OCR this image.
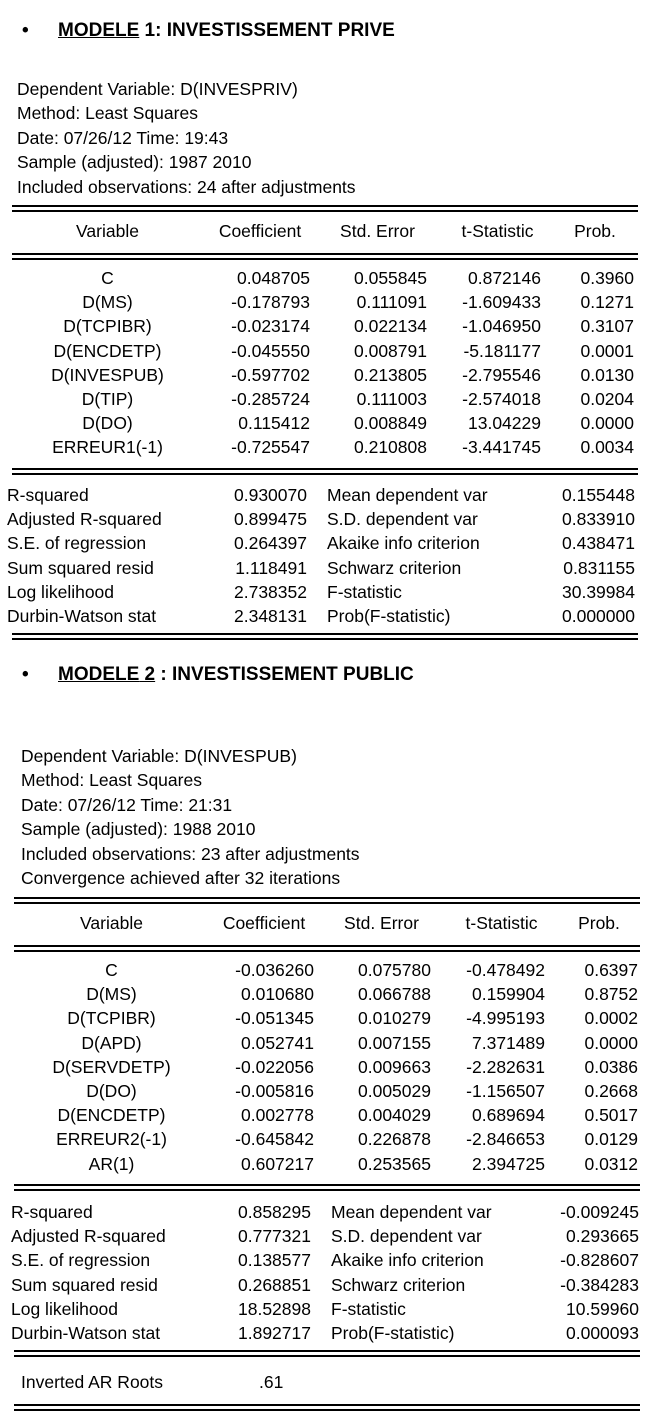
• MODELE 1: INVESTISSEMENT PRIVE
Dependent Variable: D(INVESPRIV)
Method: Least Squares
Date: 07/26/12 Time: 19:43
Sample (adjusted): 1987 2010
Included observations: 24 after adjustments
Variable	Coefficient	Std. Error	t-Statistic	Prob.
C	0.048705	0.055845	0.872146	0.3960
D(MS)	-0.178793	0.111091	-1.609433	0.1271
D(TCPIBR)	-0.023174	0.022134	-1.046950	0.3107
D(ENCDETP)	-0.045550	0.008791	-5.181177	0.0001
D(INVESPUB)	-0.597702	0.213805	-2.795546	0.0130
D(TIP)	-0.285724	0.111003	-2.574018	0.0204
D(DO)	0.115412	0.008849	13.04229	0.0000
ERREUR1(-1)	-0.725547	0.210808	-3.441745	0.0034
R-squared	0.930070 Mean dependent var	0.155448
Adjusted R-squared	0.899475 S.D. dependent var	0.833910
S.E. of regression	0.264397 Akaike info criterion	0.438471
Sum squared resid	1.118491 Schwarz criterion	0.831155
Log likelihood	2.738352 F-statistic	30.39984
Durbin-Watson stat	2.348131 Prob(F-statistic)	0.000000
• MODELE 2 : INVESTISSEMENT PUBLIC
Dependent Variable: D(INVESPUB)
Method: Least Squares
Date: 07/26/12 Time: 21:31
Sample (adjusted): 1988 2010
Included observations: 23 after adjustments
Convergence achieved after 32 iterations
Variable	Coefficient	Std. Error	t-Statistic	Prob.
C	-0.036260	0.075780	-0.478492	0.6397
D(MS)	0.010680	0.066788	0.159904	0.8752
D(TCPIBR)	-0.051345	0.010279	-4.995193	0.0002
D(APD)	0.052741	0.007155	7.371489	0.0000
D(SERVDETP)	-0.022056	0.009663	-2.282631	0.0386
D(DO)	-0.005816	0.005029	-1.156507	0.2668
D(ENCDETP)	0.002778	0.004029	0.689694	0.5017
ERREUR2(-1)	-0.645842	0.226878	-2.846653	0.0129
AR(1)	0.607217	0.253565	2.394725	0.0312
R-squared	0.858295 Mean dependent var	-0.009245
Adjusted R-squared	0.777321 S.D. dependent var	0.293665
S.E. of regression	0.138577 Akaike info criterion	-0.828607
Sum squared resid	0.268851 Schwarz criterion	-0.384283
Log likelihood	18.52898 F-statistic	10.59960
Durbin-Watson stat	1.892717 Prob(F-statistic)	0.000093
Inverted AR Roots	.61
